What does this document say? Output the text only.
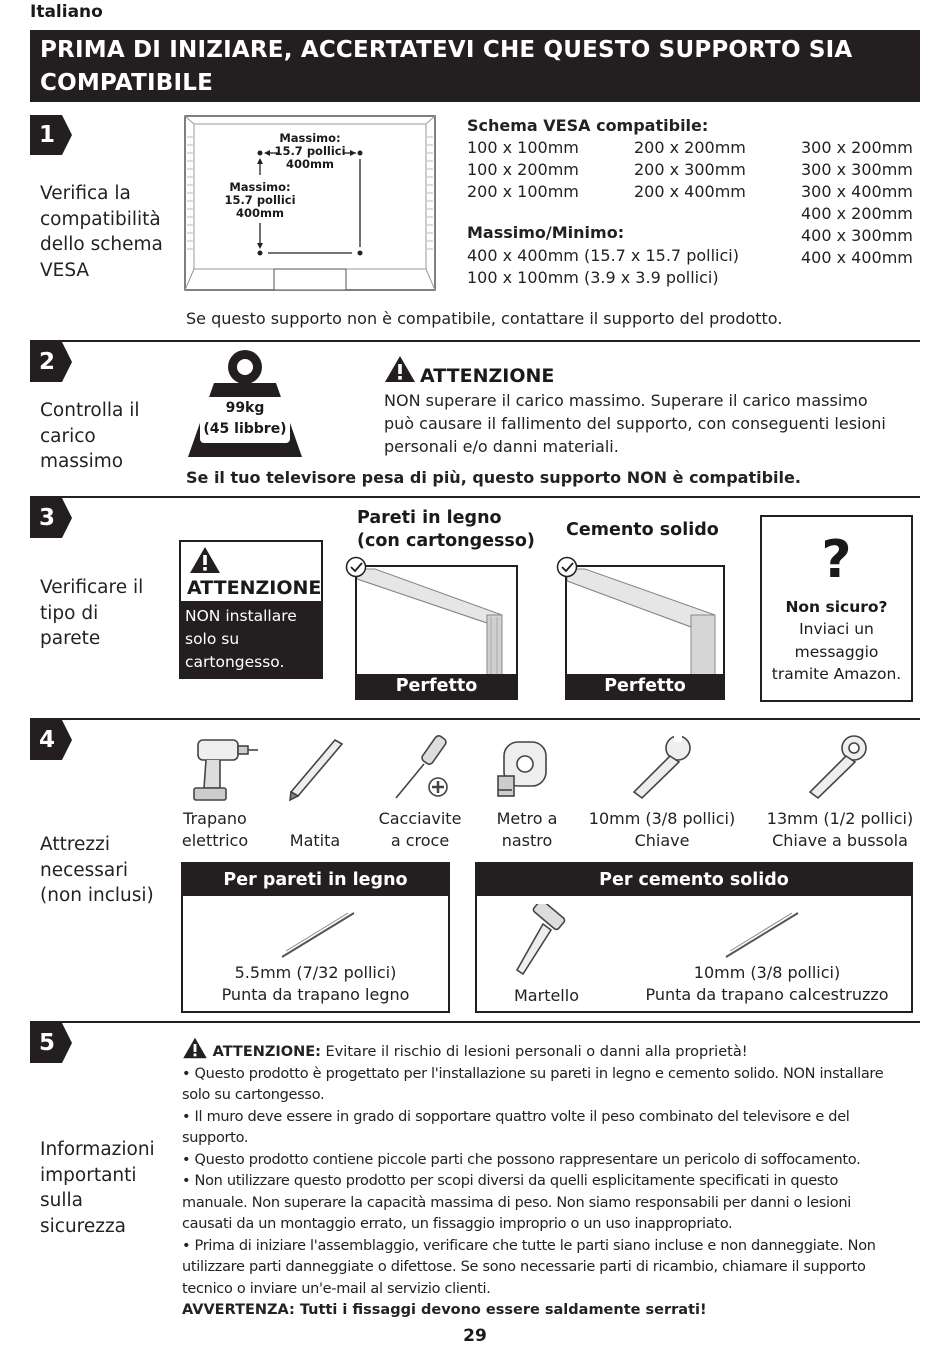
Italiano
PRIMA DI INIZIARE, ACCERTATEVI CHE QUESTO SUPPORTO SIA
COMPATIBILE
1
Verifica la
compatibilità
dello schema
VESA
Massimo:
15.7 pollici
400mm
Massimo:
15.7 pollici
400mm
Schema VESA compatibile:
100 x 100mm
100 x 200mm
200 x 100mm
200 x 200mm
200 x 300mm
200 x 400mm
300 x 200mm
300 x 300mm
300 x 400mm
400 x 200mm
400 x 300mm
400 x 400mm
Massimo/Minimo:
400 x 400mm (15.7 x 15.7 pollici)
100 x 100mm (3.9 x 3.9 pollici)
Se questo supporto non è compatibile, contattare il supporto del prodotto.
2
Controlla il
carico
massimo
99kg
(45 libbre)
ATTENZIONE
NON superare il carico massimo. Superare il carico massimo
può causare il fallimento del supporto, con conseguenti lesioni
personali e/o danni materiali.
Se il tuo televisore pesa di più, questo supporto NON è compatibile.
3
Verificare il
tipo di
parete
ATTENZIONE
NON installare
solo su
cartongesso.
Pareti in legno
(con cartongesso)
Perfetto
Cemento solido
Perfetto
?
Non sicuro?
Inviaci un
messaggio
tramite Amazon.
4
Attrezzi
necessari
(non inclusi)
Trapano
elettrico
	Matita
Cacciavite
a croce
Metro a
nastro
10mm (3/8 pollici)
Chiave
13mm (1/2 pollici)
Chiave a bussola
Per pareti in legno
5.5mm (7/32 pollici)
Punta da trapano legno
Per cemento solido
Martello
10mm (3/8 pollici)
Punta da trapano calcestruzzo
5
Informazioni
importanti
sulla
sicurezza
ATTENZIONE: Evitare il rischio di lesioni personali o danni alla proprietà!
• Questo prodotto è progettato per l'installazione su pareti in legno e cemento solido. NON installare
solo su cartongesso.
• Il muro deve essere in grado di sopportare quattro volte il peso combinato del televisore e del
supporto.
• Questo prodotto contiene piccole parti che possono rappresentare un pericolo di soffocamento.
• Non utilizzare questo prodotto per scopi diversi da quelli esplicitamente specificati in questo
manuale. Non superare la capacità massima di peso. Non siamo responsabili per danni o lesioni
causati da un montaggio errato, un fissaggio improprio o un uso inappropriato.
• Prima di iniziare l'assemblaggio, verificare che tutte le parti siano incluse e non danneggiate. Non
utilizzare parti danneggiate o difettose. Se sono necessarie parti di ricambio, chiamare il supporto
tecnico o inviare un'e-mail al servizio clienti.
AVVERTENZA: Tutti i fissaggi devono essere saldamente serrati!
29
